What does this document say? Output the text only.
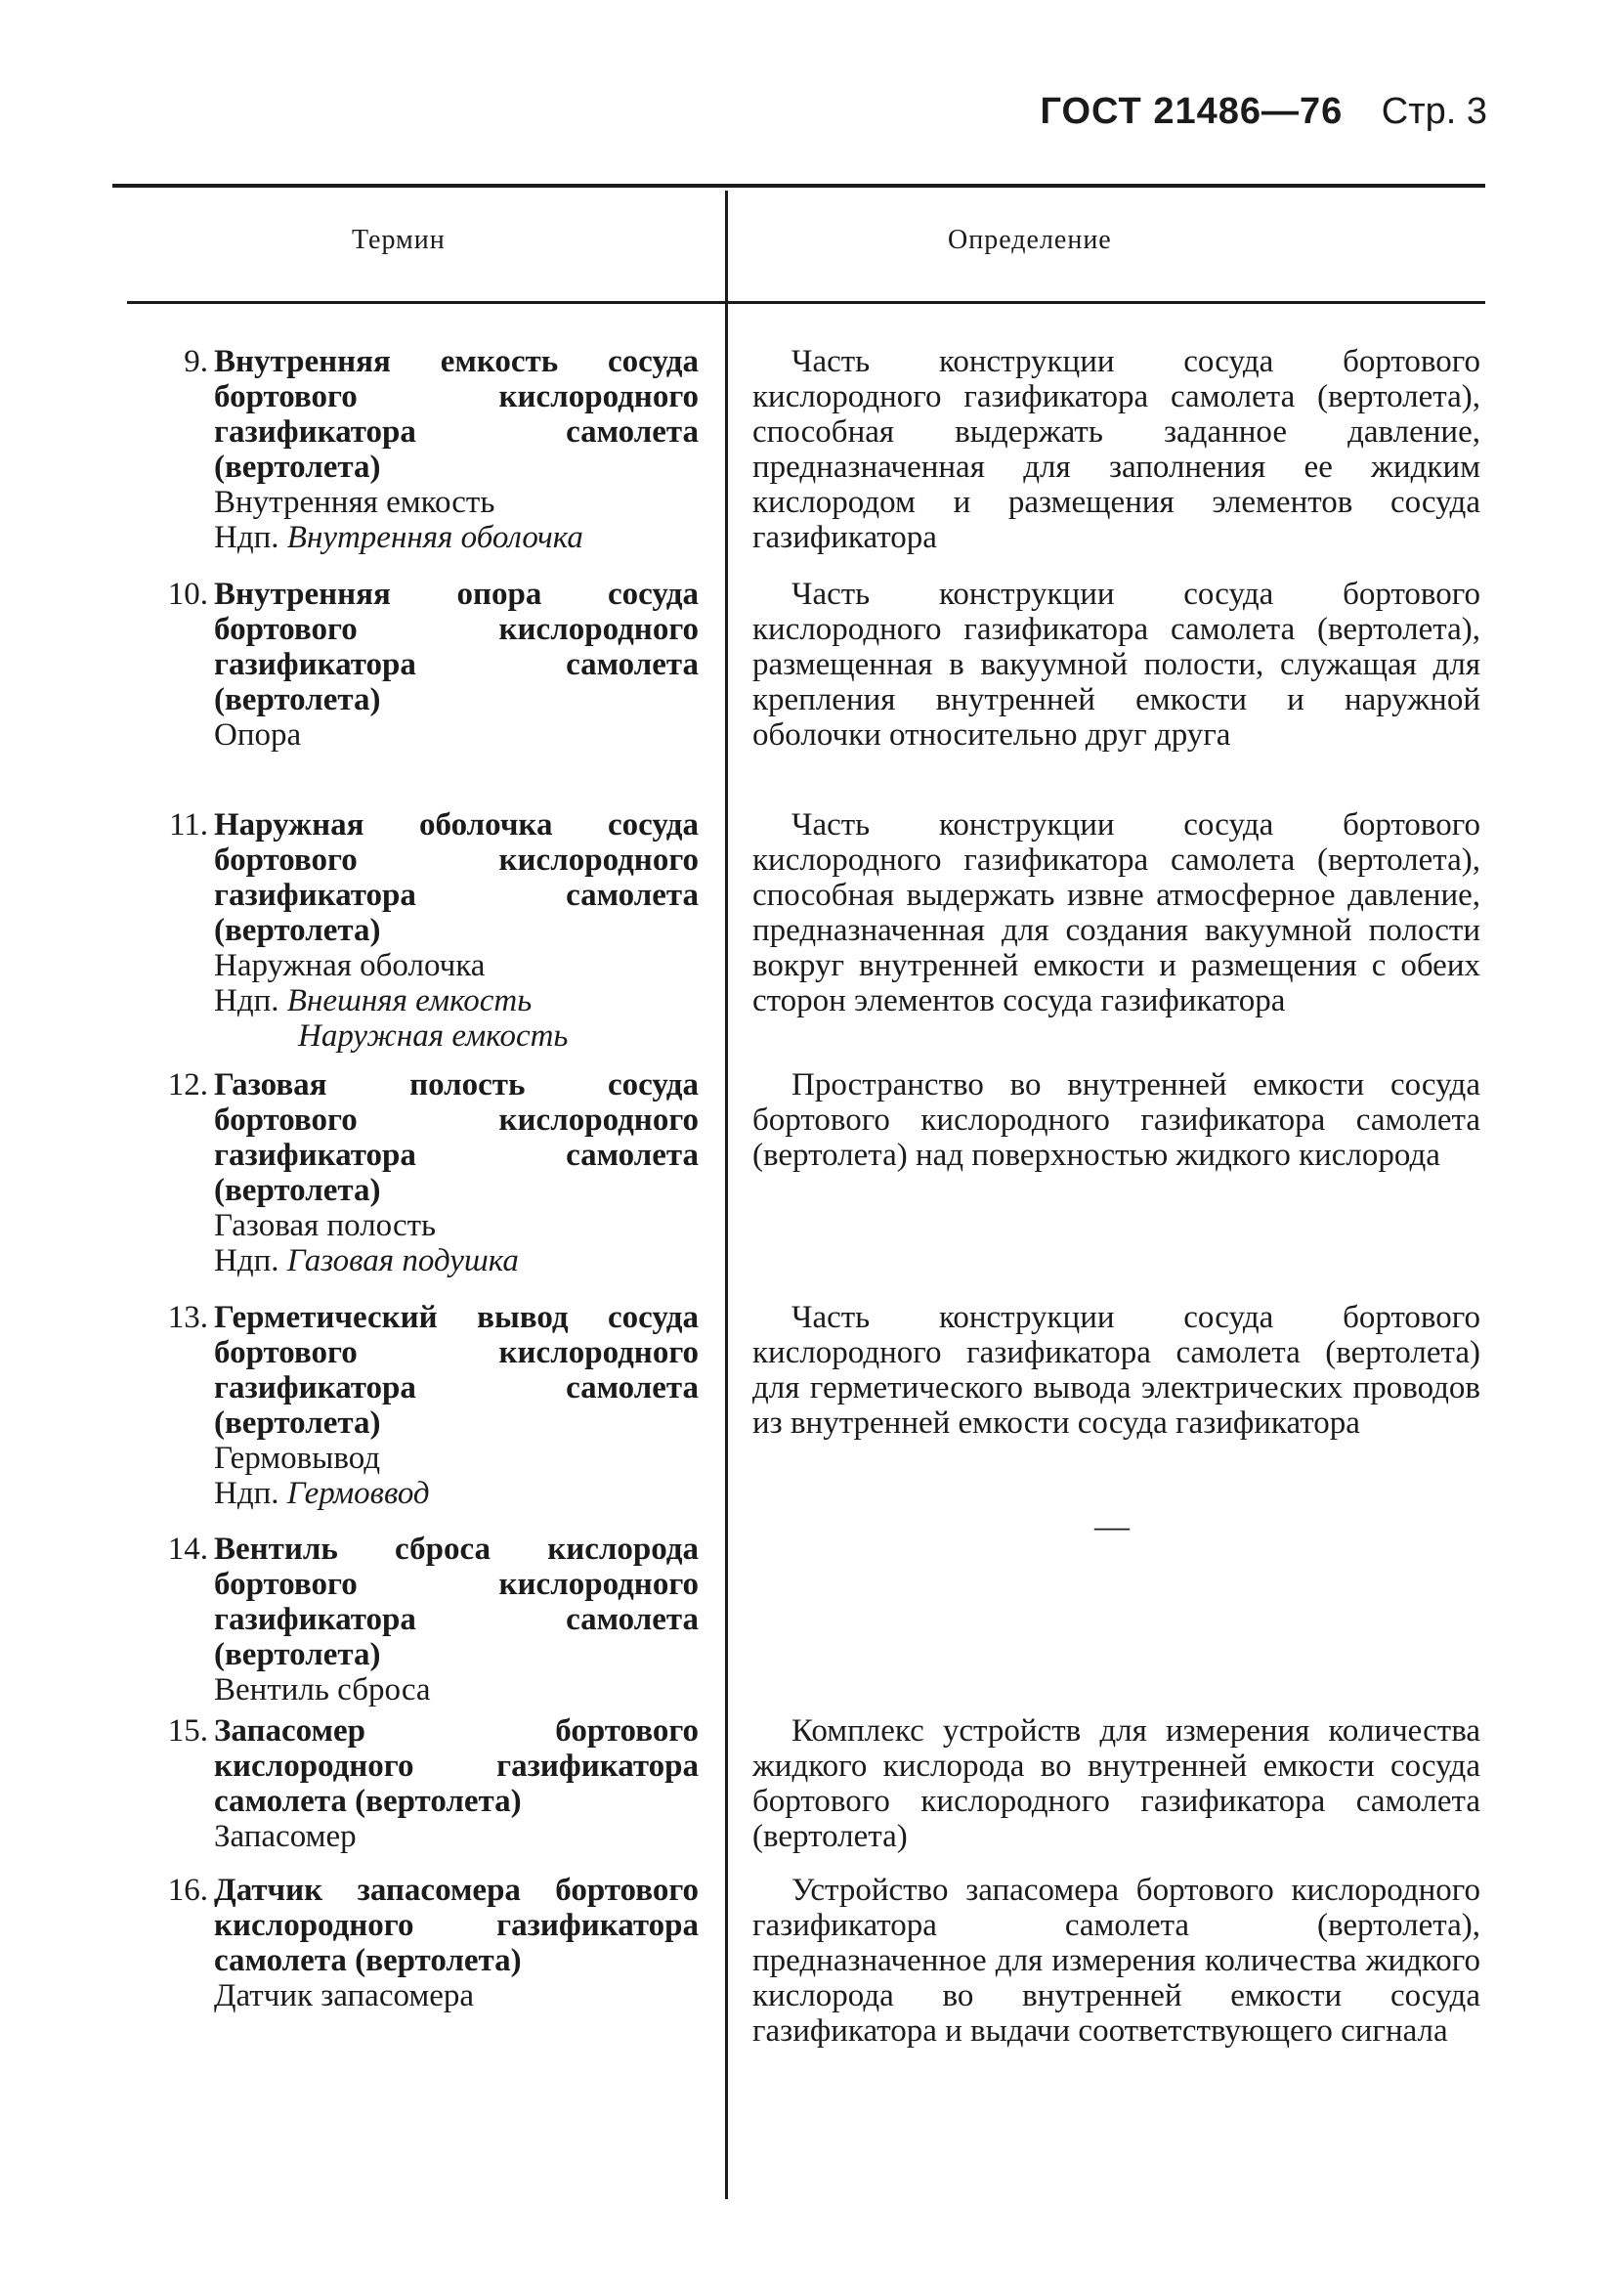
ГОСТ 21486—76 Стр. 3
Термин	Определение
9. Внутренняя емкость сосуда бортового кислородного газификатора самолета (вертолета)
Внутренняя емкость
Ндп. Внутренняя оболочка
Часть конструкции сосуда бортового кислородного газификатора самолета (вертолета), способная выдержать заданное давление, предназначенная для заполнения ее жидким кислородом и размещения элементов сосуда газификатора
10. Внутренняя опора сосуда бортового кислородного газификатора самолета (вертолета)
Опора
Часть конструкции сосуда бортового кислородного газификатора самолета (вертолета), размещенная в вакуумной полости, служащая для крепления внутренней емкости и наружной оболочки относительно друг друга
11. Наружная оболочка сосуда бортового кислородного газификатора самолета (вертолета)
Наружная оболочка
Ндп. Внешняя емкость
Наружная емкость
Часть конструкции сосуда бортового кислородного газификатора самолета (вертолета), способная выдержать извне атмосферное давление, предназначенная для создания вакуумной полости вокруг внутренней емкости и размещения с обеих сторон элементов сосуда газификатора
12. Газовая полость сосуда бортового кислородного газификатора самолета (вертолета)
Газовая полость
Ндп. Газовая подушка
Пространство во внутренней емкости сосуда бортового кислородного газификатора самолета (вертолета) над поверхностью жидкого кислорода
13. Герметический вывод сосуда бортового кислородного газификатора самолета (вертолета)
Гермовывод
Ндп. Гермоввод
Часть конструкции сосуда бортового кислородного газификатора самолета (вертолета) для герметического вывода электрических проводов из внутренней емкости сосуда газификатора
14. Вентиль сброса кислорода бортового кислородного газификатора самолета (вертолета)
Вентиль сброса
—
15. Запасомер бортового кислородного газификатора самолета (вертолета)
Запасомер
Комплекс устройств для измерения количества жидкого кислорода во внутренней емкости сосуда бортового кислородного газификатора самолета (вертолета)
16. Датчик запасомера бортового кислородного газификатора самолета (вертолета)
Датчик запасомера
Устройство запасомера бортового кислородного газификатора самолета (вертолета), предназначенное для измерения количества жидкого кислорода во внутренней емкости сосуда газификатора и выдачи соответствующего сигнала
